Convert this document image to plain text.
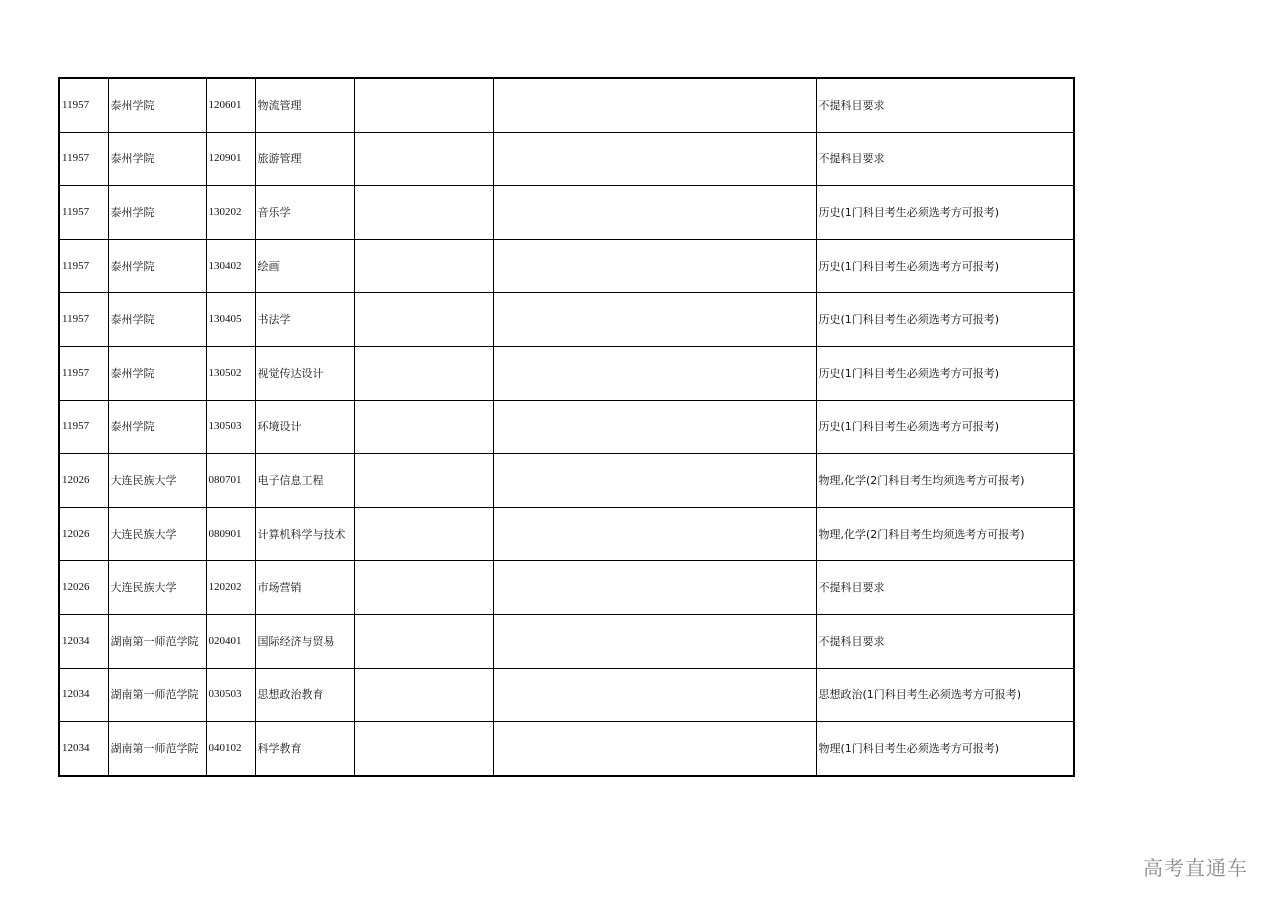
11957	泰州学院	120601	物流管理			不提科目要求
11957	泰州学院	120901	旅游管理			不提科目要求
11957	泰州学院	130202	音乐学			历史(1门科目考生必须选考方可报考)
11957	泰州学院	130402	绘画			历史(1门科目考生必须选考方可报考)
11957	泰州学院	130405	书法学			历史(1门科目考生必须选考方可报考)
11957	泰州学院	130502	视觉传达设计			历史(1门科目考生必须选考方可报考)
11957	泰州学院	130503	环境设计			历史(1门科目考生必须选考方可报考)
12026	大连民族大学	080701	电子信息工程			物理,化学(2门科目考生均须选考方可报考)
12026	大连民族大学	080901	计算机科学与技术			物理,化学(2门科目考生均须选考方可报考)
12026	大连民族大学	120202	市场营销			不提科目要求
12034	湖南第一师范学院	020401	国际经济与贸易			不提科目要求
12034	湖南第一师范学院	030503	思想政治教育			思想政治(1门科目考生必须选考方可报考)
12034	湖南第一师范学院	040102	科学教育			物理(1门科目考生必须选考方可报考)
高考直通车
